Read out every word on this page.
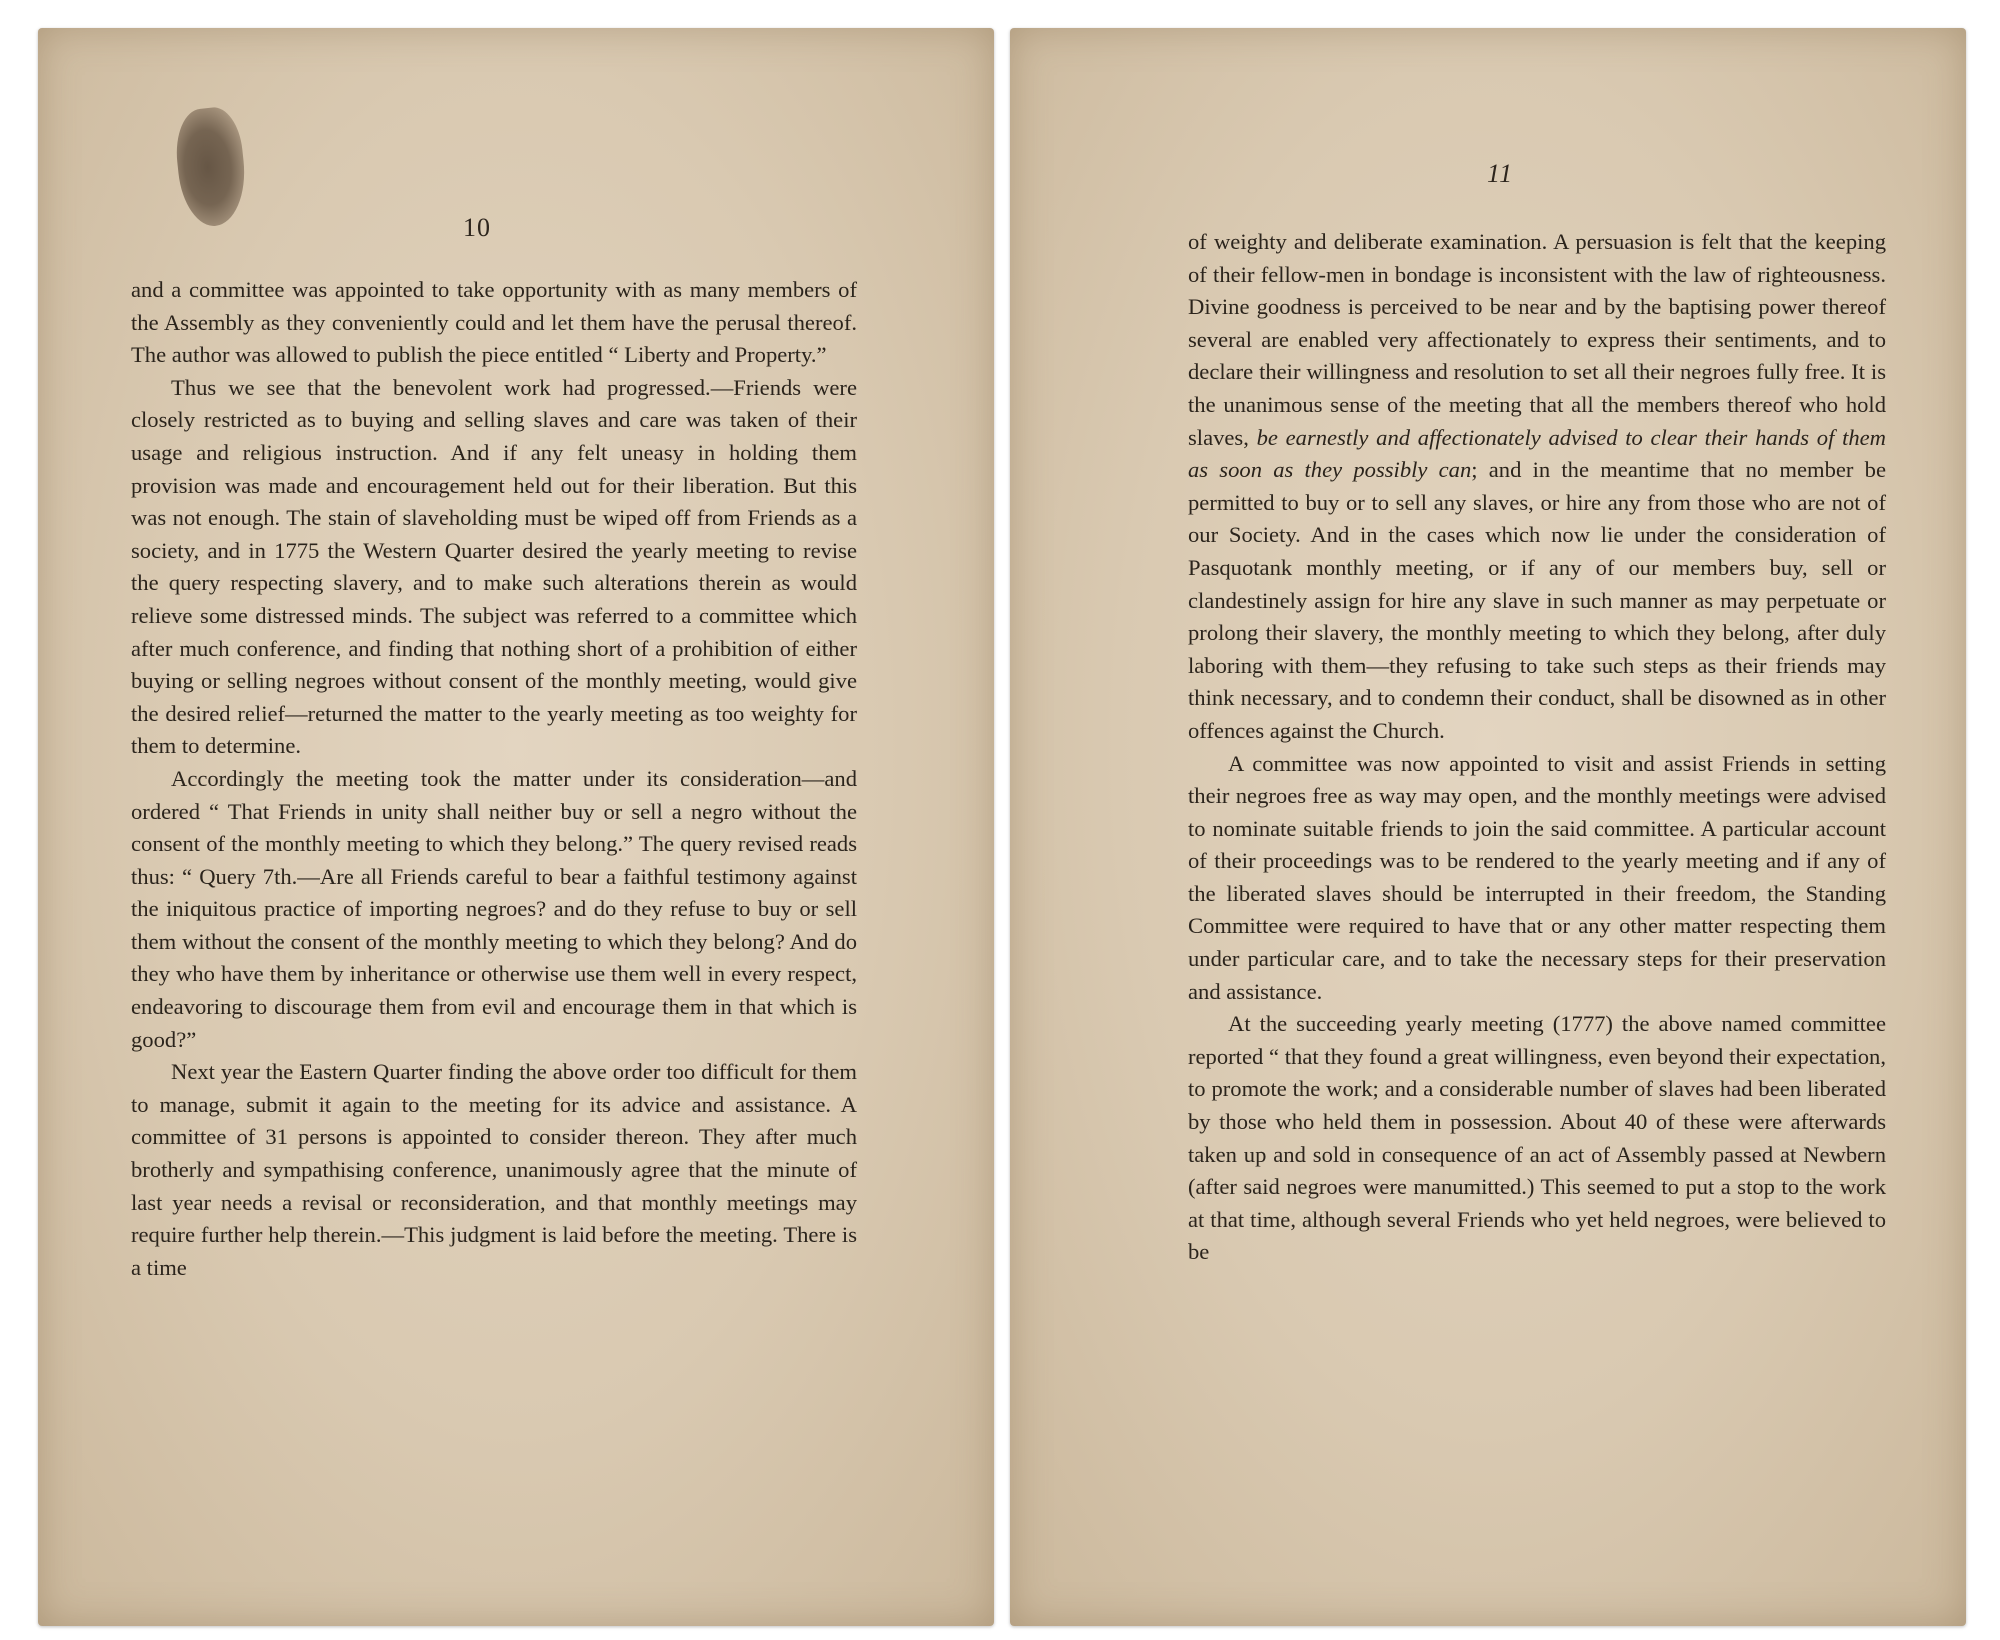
10

and a committee was appointed to take opportunity with as many members of the Assembly as they conveniently could and let them have the perusal thereof. The author was allowed to publish the piece entitled “ Liberty and Property.”

Thus we see that the benevolent work had progressed.—Friends were closely restricted as to buying and selling slaves and care was taken of their usage and religious instruction. And if any felt uneasy in holding them provision was made and encouragement held out for their liberation. But this was not enough. The stain of slaveholding must be wiped off from Friends as a society, and in 1775 the Western Quarter desired the yearly meeting to revise the query respecting slavery, and to make such alterations therein as would relieve some distressed minds. The subject was referred to a committee which after much conference, and finding that nothing short of a prohibition of either buying or selling negroes without consent of the monthly meeting, would give the desired relief—returned the matter to the yearly meeting as too weighty for them to determine.

Accordingly the meeting took the matter under its consideration—and ordered “ That Friends in unity shall neither buy or sell a negro without the consent of the monthly meeting to which they belong.” The query revised reads thus: “ Query 7th.—Are all Friends careful to bear a faithful testimony against the iniquitous practice of importing negroes? and do they refuse to buy or sell them without the consent of the monthly meeting to which they belong? And do they who have them by inheritance or otherwise use them well in every respect, endeavoring to discourage them from evil and encourage them in that which is good?”

Next year the Eastern Quarter finding the above order too difficult for them to manage, submit it again to the meeting for its advice and assistance. A committee of 31 persons is appointed to consider thereon. They after much brotherly and sympathising conference, unanimously agree that the minute of last year needs a revisal or reconsideration, and that monthly meetings may require further help therein.—This judgment is laid before the meeting. There is a time

11

of weighty and deliberate examination. A persuasion is felt that the keeping of their fellow-men in bondage is inconsistent with the law of righteousness. Divine goodness is perceived to be near and by the baptising power thereof several are enabled very affectionately to express their sentiments, and to declare their willingness and resolution to set all their negroes fully free. It is the unanimous sense of the meeting that all the members thereof who hold slaves, be earnestly and affectionately advised to clear their hands of them as soon as they possibly can; and in the meantime that no member be permitted to buy or to sell any slaves, or hire any from those who are not of our Society. And in the cases which now lie under the consideration of Pasquotank monthly meeting, or if any of our members buy, sell or clandestinely assign for hire any slave in such manner as may perpetuate or prolong their slavery, the monthly meeting to which they belong, after duly laboring with them—they refusing to take such steps as their friends may think necessary, and to condemn their conduct, shall be disowned as in other offences against the Church.

A committee was now appointed to visit and assist Friends in setting their negroes free as way may open, and the monthly meetings were advised to nominate suitable friends to join the said committee. A particular account of their proceedings was to be rendered to the yearly meeting and if any of the liberated slaves should be interrupted in their freedom, the Standing Committee were required to have that or any other matter respecting them under particular care, and to take the necessary steps for their preservation and assistance.

At the succeeding yearly meeting (1777) the above named committee reported “ that they found a great willingness, even beyond their expectation, to promote the work; and a considerable number of slaves had been liberated by those who held them in possession. About 40 of these were afterwards taken up and sold in consequence of an act of Assembly passed at Newbern (after said negroes were manumitted.) This seemed to put a stop to the work at that time, although several Friends who yet held negroes, were believed to be
